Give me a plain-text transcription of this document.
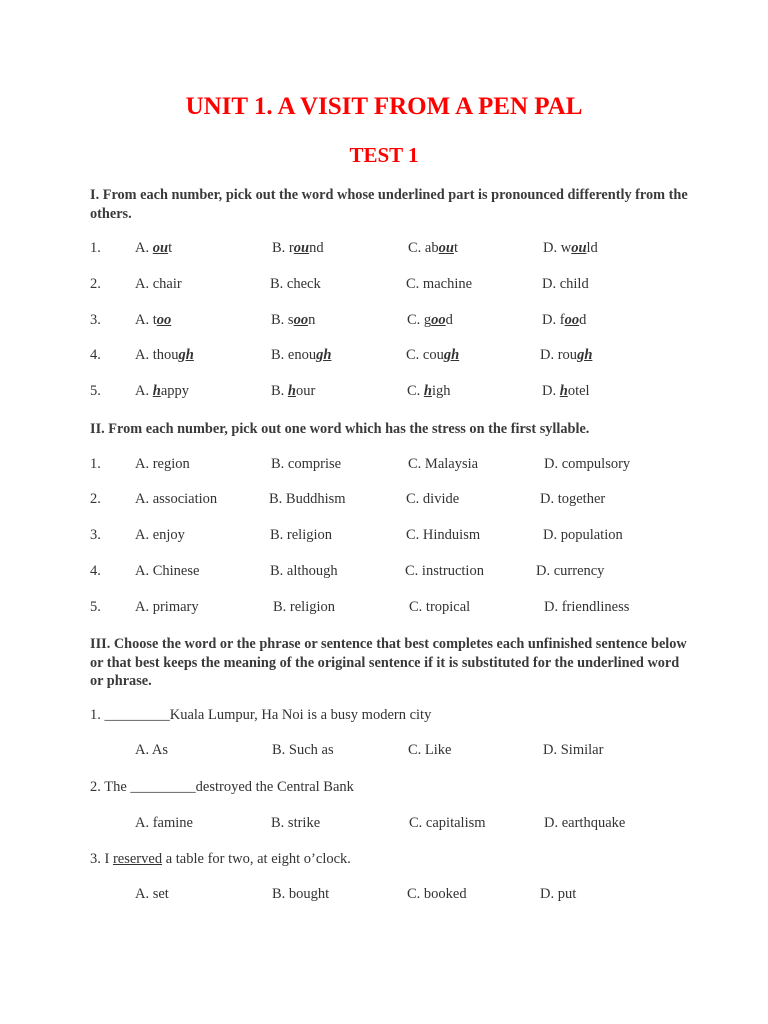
UNIT 1. A VISIT FROM A PEN PAL
TEST 1
I. From each number, pick out the word whose underlined part is pronounced differently from the others.
1. A. out	B. round	C. about	D. would
2. A. chair	B. check	C. machine	D. child
3. A. too	B. soon	C. good	D. food
4. A. though	B. enough	C. cough	D. rough
5. A. happy	B. hour	C. high	D. hotel
II. From each number, pick out one word which has the stress on the first syllable.
1. A. region	B. comprise	C. Malaysia	D. compulsory
2. A. association	B. Buddhism	C. divide	D. together
3. A. enjoy	B. religion	C. Hinduism	D. population
4. A. Chinese	B. although	C. instruction	D. currency
5. A. primary	B. religion	C. tropical	D. friendliness
III. Choose the word or the phrase or sentence that best completes each unfinished sentence below or that best keeps the meaning of the original sentence if it is substituted for the underlined word or phrase.
1. _________Kuala Lumpur, Ha Noi is a busy modern city
A. As	B. Such as	C. Like	D. Similar
2. The _________destroyed the Central Bank
A. famine	B. strike	C. capitalism	D. earthquake
3. I reserved a table for two, at eight o’clock.
A. set	B. bought	C. booked	D. put
